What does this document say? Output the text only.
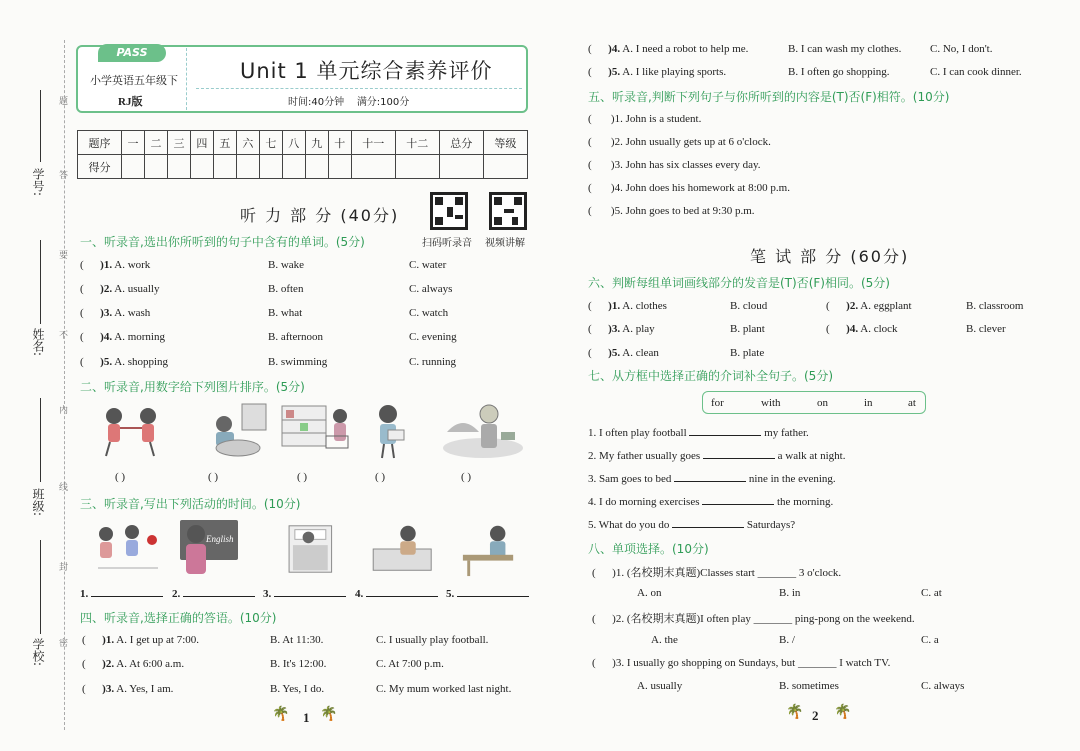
学号:
姓名:
班级:
学校:
题
答
要
不
内
线
封
密
PASS
小学英语五年级下
RJ版
Unit 1 单元综合素养评价
时间:40分钟 满分:100分
题序	一	二	三	四	五	六	七	八	九	十	十一	十二	总分	等级
得分														
听 力 部 分 (40分)
扫码听录音 视频讲解
一、听录音,选出你所听到的句子中含有的单词。(5分)
(      )1. A. work	B. wake	C. water
(      )2. A. usually	B. often	C. always
(      )3. A. wash	B. what	C. watch
(      )4. A. morning	B. afternoon	C. evening
(      )5. A. shopping	B. swimming	C. running
二、听录音,用数字给下列图片排序。(5分)
( )	( )	( )	( )	( )
三、听录音,写出下列活动的时间。(10分)
English
1.	2.	3.	4.	5.
四、听录音,选择正确的答语。(10分)
(      )1. A. I get up at 7:00.	B. At 11:30.	C. I usually play football.
(      )2. A. At 6:00 a.m.	B. It's 12:00.	C. At 7:00 p.m.
(      )3. A. Yes, I am.	B. Yes, I do.	C. My mum worked last night.
🌴 1 🌴
(      )4. A. I need a robot to help me.	B. I can wash my clothes.	C. No, I don't.
(      )5. A. I like playing sports.	B. I often go shopping.	C. I can cook dinner.
五、听录音,判断下列句子与你所听到的内容是(T)否(F)相符。(10分)
(       )1. John is a student.
(       )2. John usually gets up at 6 o'clock.
(       )3. John has six classes every day.
(       )4. John does his homework at 8:00 p.m.
(       )5. John goes to bed at 9:30 p.m.
笔 试 部 分 (60分)
六、判断每组单词画线部分的发音是(T)否(F)相同。(5分)
(      )1. A. clothes	B. cloud	(      )2. A. eggplant	B. classroom
(      )3. A. play	B. plant	(      )4. A. clock	B. clever
(      )5. A. clean	B. plate
七、从方框中选择正确的介词补全句子。(5分)
for	with	on	in	at
1. I often play football	my father.
2. My father usually goes	a walk at night.
3. Sam goes to bed	nine in the evening.
4. I do morning exercises	the morning.
5. What do you do	Saturdays?
八、单项选择。(10分)
(      )1. (名校期末真题)Classes start _______ 3 o'clock.
A. on	B. in	C. at
(      )2. (名校期末真题)I often play _______ ping-pong on the weekend.
A. the	B. /	C. a
(      )3. I usually go shopping on Sundays, but _______ I watch TV.
A. usually	B. sometimes	C. always
🌴 2 🌴
